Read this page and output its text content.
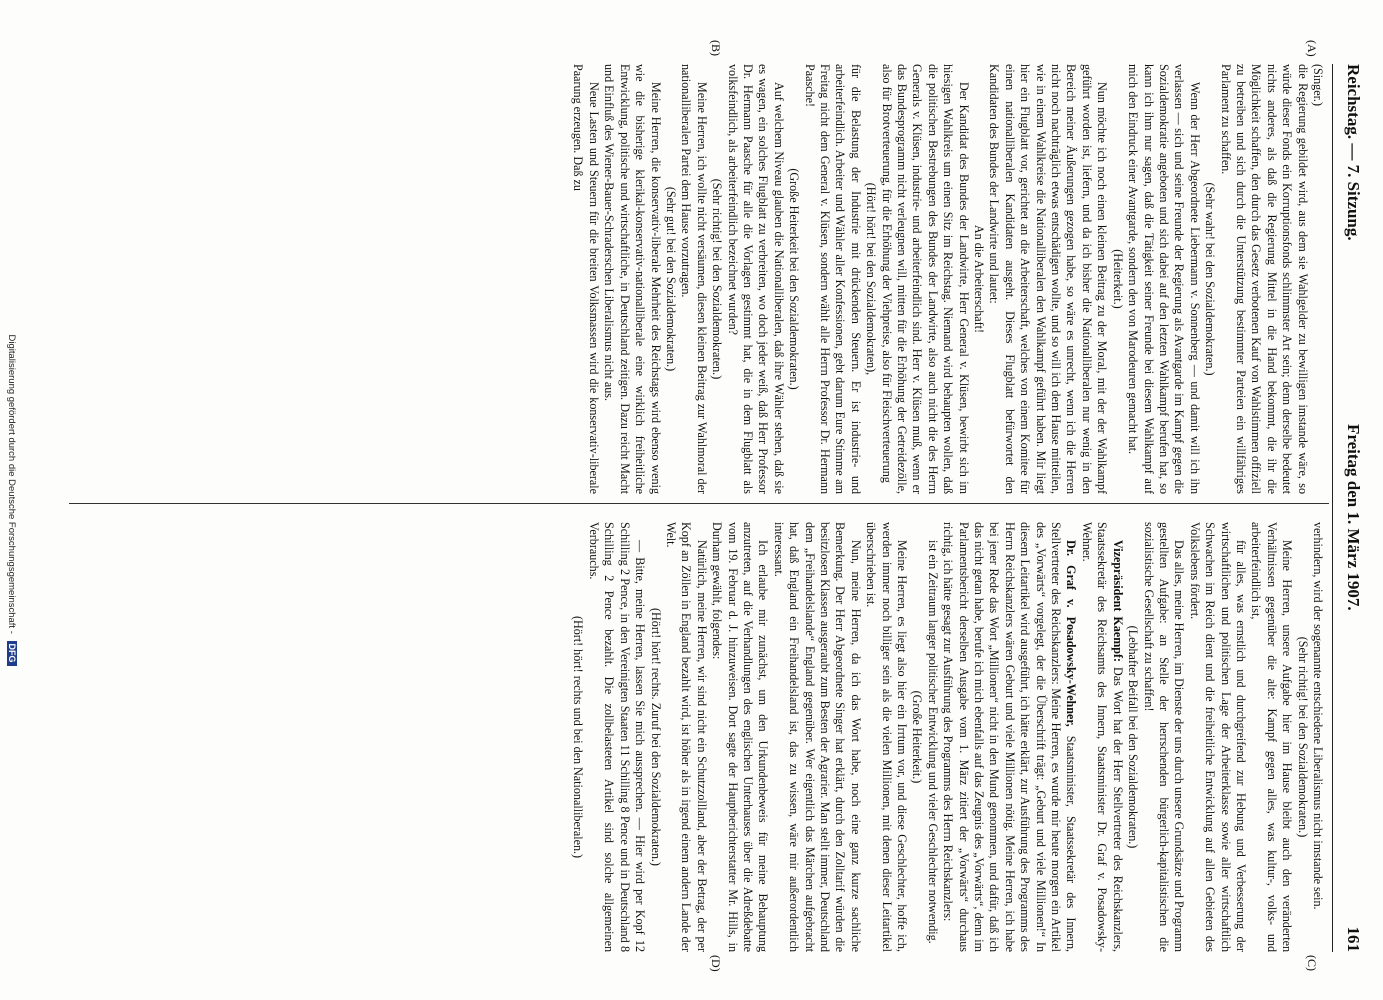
Reichstag. — 7. Sitzung.
Freitag den 1. März 1907.
161
(A)
(B)
(C)
(D)

(Singer.)

die Regierung gebildet wird, aus dem sie Wahlgelder zu bewilligen imstande wäre, so würde dieser Fonds ein Korruptionsfonds schlimmster Art sein; denn derselbe bedeutet nichts anderes, als daß die Regierung Mittel in die Hand bekommt, die ihr die Möglichkeit schaffen, den durch das Gesetz verbotenen Kauf von Wahlstimmen offiziell zu betreiben und sich durch die Unterstützung bestimmter Parteien ein willfähriges Parlament zu schaffen.

(Sehr wahr! bei den Sozialdemokraten.)

Wenn der Herr Abgeordnete Liebermann v. Sonnenberg — und damit will ich ihn verlassen — sich und seine Freunde der Regierung als Avantgarde im Kampf gegen die Sozialdemokratie angeboten und sich dabei auf den letzten Wahlkampf berufen hat, so kann ich ihm nur sagen, daß die Tätigkeit seiner Freunde bei diesem Wahlkampf auf mich den Eindruck einer Avantgarde, sondern den von Marodeuren gemacht hat.

(Heiterkeit.)

Nun möchte ich noch einen kleinen Beitrag zu der Moral, mit der der Wahlkampf geführt worden ist, liefern, und da ich bisher die Nationalliberalen nur wenig in den Bereich meiner Äußerungen gezogen habe, so wäre es unrecht, wenn ich die Herren nicht noch nachträglich etwas entschädigen wollte, und so will ich dem Hause mitteilen, wie in einem Wahlkreise die Nationalliberalen den Wahlkampf geführt haben. Mir liegt hier ein Flugblatt vor, gerichtet an die Arbeiterschaft, welches von einem Komitee für einen nationalliberalen Kandidaten ausgeht. Dieses Flugblatt befürwortet den Kandidaten des Bundes der Landwirte und lautet:

An die Arbeiterschaft!

Der Kandidat des Bundes der Landwirte, Herr General v. Klüsen, bewirbt sich im hiesigen Wahlkreis um einen Sitz im Reichstag. Niemand wird behaupten wollen, daß die politischen Bestrebungen des Bundes der Landwirte, also auch nicht die des Herrn Generals v. Klüsen, industrie- und arbeiterfeindlich sind. Herr v. Klüsen muß, wenn er das Bundesprogramm nicht verleugnen will, mitten für die Erhöhung der Getreidezölle, also für Brotverteuerung, für die Erhöhung der Viehpreise, also für Fleischverteuerung

(Hört! hört! bei den Sozialdemokraten),

für die Belastung der Industrie mit drückenden Steuern. Er ist industrie- und arbeiterfeindlich. Arbeiter und Wähler aller Konfessionen, gebt darum Eure Stimme am Freitag nicht dem General v. Klüsen, sondern wählt alle Herrn Professor Dr. Hermann Paasche!

(Große Heiterkeit bei den Sozialdemokraten.)

Auf welchem Niveau glauben die Nationalliberalen, daß ihre Wähler stehen, daß sie es wagen, ein solches Flugblatt zu verbreiten, wo doch jeder weiß, daß Herr Professor Dr. Hermann Paasche für alle die Vorlagen gestimmt hat, die in dem Flugblatt als volksfeindlich, als arbeiterfeindlich bezeichnet wurden?

(Sehr richtig! bei den Sozialdemokraten.)

Meine Herren, ich wollte nicht versäumen, diesen kleinen Beitrag zur Wahlmoral der nationalliberalen Partei dem Hause vorzutragen.

(Sehr gut! bei den Sozialdemokraten.)

Meine Herren, die konservativ-liberale Mehrheit des Reichstags wird ebenso wenig wie die bisherige klerikal-konservativ-nationalliberale eine wirklich freiheitliche Entwicklung, politische und wirtschaftliche, in Deutschland zeitigen. Dazu reicht Macht und Einfluß des Wiener-Bauer-Schraderschen Liberalismus nicht aus.

Neue Lasten und Steuern für die breiten Volksmassen wird die konservativ-liberale Paarung erzeugen. Daß zu

verhindern, wird der sogenannte entschiedene Liberalismus nicht imstande sein.

(Sehr richtig! bei den Sozialdemokraten.)

Meine Herren, unsere Aufgabe hier im Hause bleibt auch den veränderten Verhältnissen gegenüber die alte: Kampf gegen alles, was kultur-, volks- und arbeiterfeindlich ist,

für alles, was ernstlich und durchgreifend zur Hebung und Verbesserung der wirtschaftlichen und politischen Lage der Arbeiterklasse sowie aller wirtschaftlich Schwachen im Reich dient und die freiheitliche Entwicklung auf allen Gebieten des Volkslebens fördert.

Das alles, meine Herren, im Dienste der uns durch unsere Grundsätze und Programm gestellten Aufgabe: an Stelle der herrschenden bürgerlich-kapitalistischen die sozialistische Gesellschaft zu schaffen!

(Lebhafter Beifall bei den Sozialdemokraten.)

Vizepräsident Kaempf: Das Wort hat der Herr Stellvertreter des Reichskanzlers, Staatssekretär des Reichsamts des Innern, Staatsminister Dr. Graf v. Posadowsky-Wehner.

Dr. Graf v. Posadowsky-Wehner, Staatsminister, Staatssekretär des Innern, Stellvertreter des Reichskanzlers: Meine Herren, es wurde mir heute morgen ein Artikel des „Vorwärts“ vorgelegt, der die Überschrift trägt: „Geburt und viele Millionen!“ In diesem Leitartikel wird ausgeführt, ich hätte erklärt, zur Ausführung des Programms des Herrn Reichskanzlers wären Geburt und viele Millionen nötig. Meine Herren, ich habe bei jener Rede das Wort „Millionen“ nicht in den Mund genommen, und dafür, daß ich das nicht getan habe, berufe ich mich ebenfalls auf das Zeugnis des „Vorwärts“, denn im Parlamentsbericht derselben Ausgabe vom 1. März zitiert der „Vorwärts“ durchaus richtig, ich hätte gesagt zur Ausführung des Programms des Herrn Reichskanzlers:

ist ein Zeitraum langer politischer Entwicklung und vieler Geschlechter notwendig.

(Große Heiterkeit.)

Meine Herren, es liegt also hier ein Irrtum vor, und diese Geschlechter, hoffe ich, werden immer noch billiger sein als die vielen Millionen, mit denen dieser Leitartikel überschrieben ist.

Nun, meine Herren, da ich das Wort habe, noch eine ganz kurze sachliche Bemerkung. Der Herr Abgeordnete Singer hat erklärt, durch den Zolltarif würden die besitzlosen Klassen ausgeraubt zum Besten der Agrarier. Man stellt immer, Deutschland dem „Freihandelslande“ England gegenüber. Wer eigentlich das Märchen aufgebracht hat, daß England ein Freihandelsland ist, das zu wissen, wäre mir außerordentlich interessant.

Ich erlaube mir zunächst, um den Urkundenbeweis für meine Behauptung anzutreten, auf die Verhandlungen des englischen Unterhauses über die Adreßdebatte vom 19. Februar d. J. hinzuweisen. Dort sagte der Hauptberichterstatter Mr. Hills, in Durham gewählt, folgendes:

Natürlich, meine Herren, wir sind nicht ein Schutzzollland, aber der Betrag, der per Kopf an Zöllen in England bezahlt wird, ist höher als in irgend einem andern Lande der Welt.

(Hört! hört! rechts. Zuruf bei den Sozialdemokraten.)

— Bitte, meine Herren, lassen Sie mich aussprechen. — Hier wird per Kopf 12 Schilling 2 Pence, in den Vereinigten Staaten 11 Schilling 8 Pence und in Deutschland 8 Schilling 2 Pence bezahlt. Die zollbelasteten Artikel sind solche allgemeinen Verbrauchs.

(Hört! hört! rechts und bei den Nationalliberalen.)

Digitalisierung gefördert durch die Deutsche Forschungsgemeinschaft - DFG
